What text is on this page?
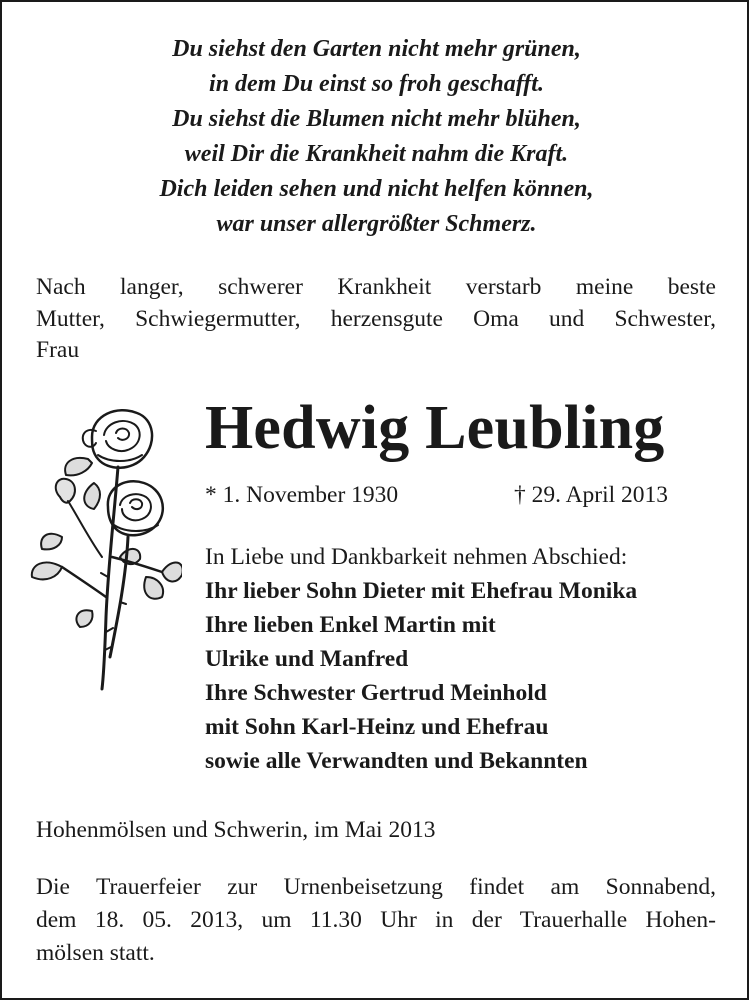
Du siehst den Garten nicht mehr grünen,
in dem Du einst so froh geschafft.
Du siehst die Blumen nicht mehr blühen,
weil Dir die Krankheit nahm die Kraft.
Dich leiden sehen und nicht helfen können,
war unser allergrößter Schmerz.
Nach langer, schwerer Krankheit verstarb meine beste
Mutter, Schwiegermutter, herzensgute Oma und Schwester,
Frau
Hedwig Leubling
* 1. November 1930	† 29. April 2013
In Liebe und Dankbarkeit nehmen Abschied:
Ihr lieber Sohn Dieter mit Ehefrau Monika
Ihre lieben Enkel Martin mit
Ulrike und Manfred
Ihre Schwester Gertrud Meinhold
mit Sohn Karl-Heinz und Ehefrau
sowie alle Verwandten und Bekannten
Hohenmölsen und Schwerin, im Mai 2013
Die Trauerfeier zur Urnenbeisetzung findet am Sonnabend,
dem 18. 05. 2013, um 11.30 Uhr in der Trauerhalle Hohen-
mölsen statt.
